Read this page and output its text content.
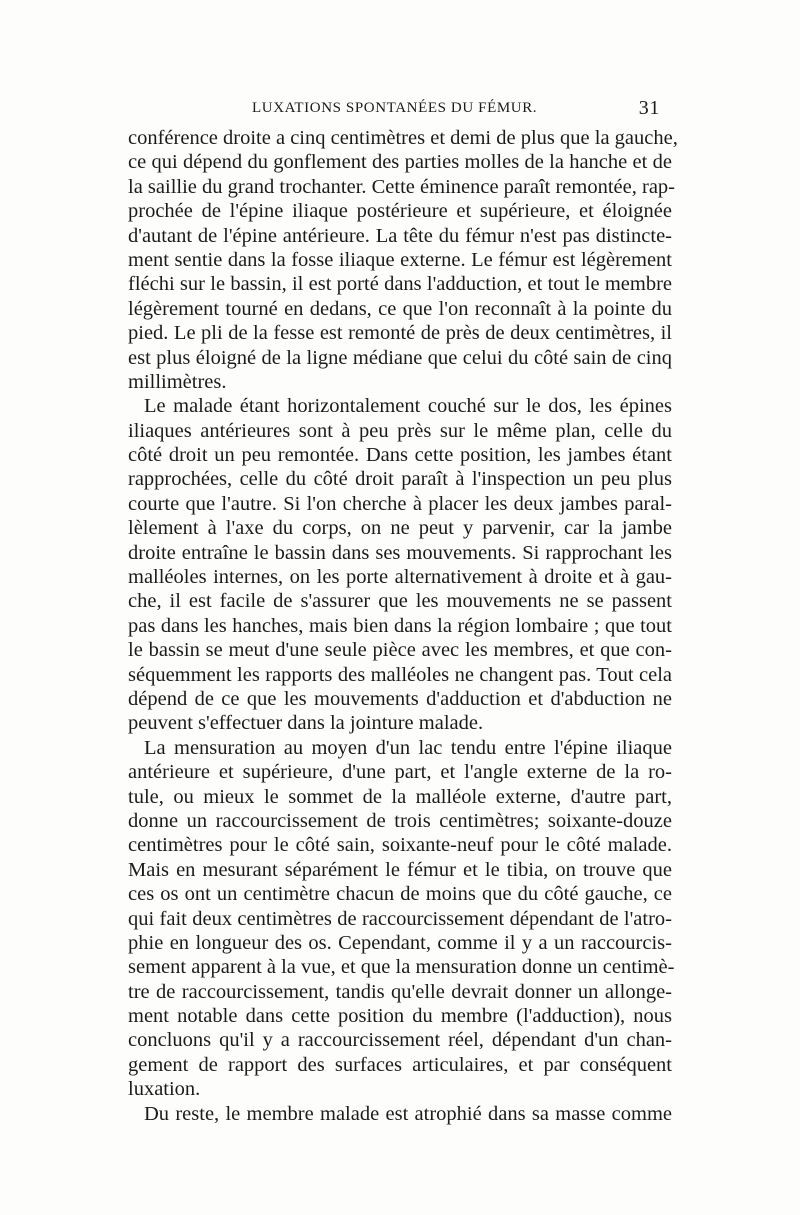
LUXATIONS SPONTANÉES DU FÉMUR.	31
conférence droite a cinq centimètres et demi de plus que la gauche,
ce qui dépend du gonflement des parties molles de la hanche et de
la saillie du grand trochanter. Cette éminence paraît remontée, rap-
prochée de l'épine iliaque postérieure et supérieure, et éloignée
d'autant de l'épine antérieure. La tête du fémur n'est pas distincte-
ment sentie dans la fosse iliaque externe. Le fémur est légèrement
fléchi sur le bassin, il est porté dans l'adduction, et tout le membre
légèrement tourné en dedans, ce que l'on reconnaît à la pointe du
pied. Le pli de la fesse est remonté de près de deux centimètres, il
est plus éloigné de la ligne médiane que celui du côté sain de cinq
millimètres.
Le malade étant horizontalement couché sur le dos, les épines
iliaques antérieures sont à peu près sur le même plan, celle du
côté droit un peu remontée. Dans cette position, les jambes étant
rapprochées, celle du côté droit paraît à l'inspection un peu plus
courte que l'autre. Si l'on cherche à placer les deux jambes paral-
lèlement à l'axe du corps, on ne peut y parvenir, car la jambe
droite entraîne le bassin dans ses mouvements. Si rapprochant les
malléoles internes, on les porte alternativement à droite et à gau-
che, il est facile de s'assurer que les mouvements ne se passent
pas dans les hanches, mais bien dans la région lombaire ; que tout
le bassin se meut d'une seule pièce avec les membres, et que con-
séquemment les rapports des malléoles ne changent pas. Tout cela
dépend de ce que les mouvements d'adduction et d'abduction ne
peuvent s'effectuer dans la jointure malade.
La mensuration au moyen d'un lac tendu entre l'épine iliaque
antérieure et supérieure, d'une part, et l'angle externe de la ro-
tule, ou mieux le sommet de la malléole externe, d'autre part,
donne un raccourcissement de trois centimètres; soixante-douze
centimètres pour le côté sain, soixante-neuf pour le côté malade.
Mais en mesurant séparément le fémur et le tibia, on trouve que
ces os ont un centimètre chacun de moins que du côté gauche, ce
qui fait deux centimètres de raccourcissement dépendant de l'atro-
phie en longueur des os. Cependant, comme il y a un raccourcis-
sement apparent à la vue, et que la mensuration donne un centimè-
tre de raccourcissement, tandis qu'elle devrait donner un allonge-
ment notable dans cette position du membre (l'adduction), nous
concluons qu'il y a raccourcissement réel, dépendant d'un chan-
gement de rapport des surfaces articulaires, et par conséquent
luxation.
Du reste, le membre malade est atrophié dans sa masse comme
